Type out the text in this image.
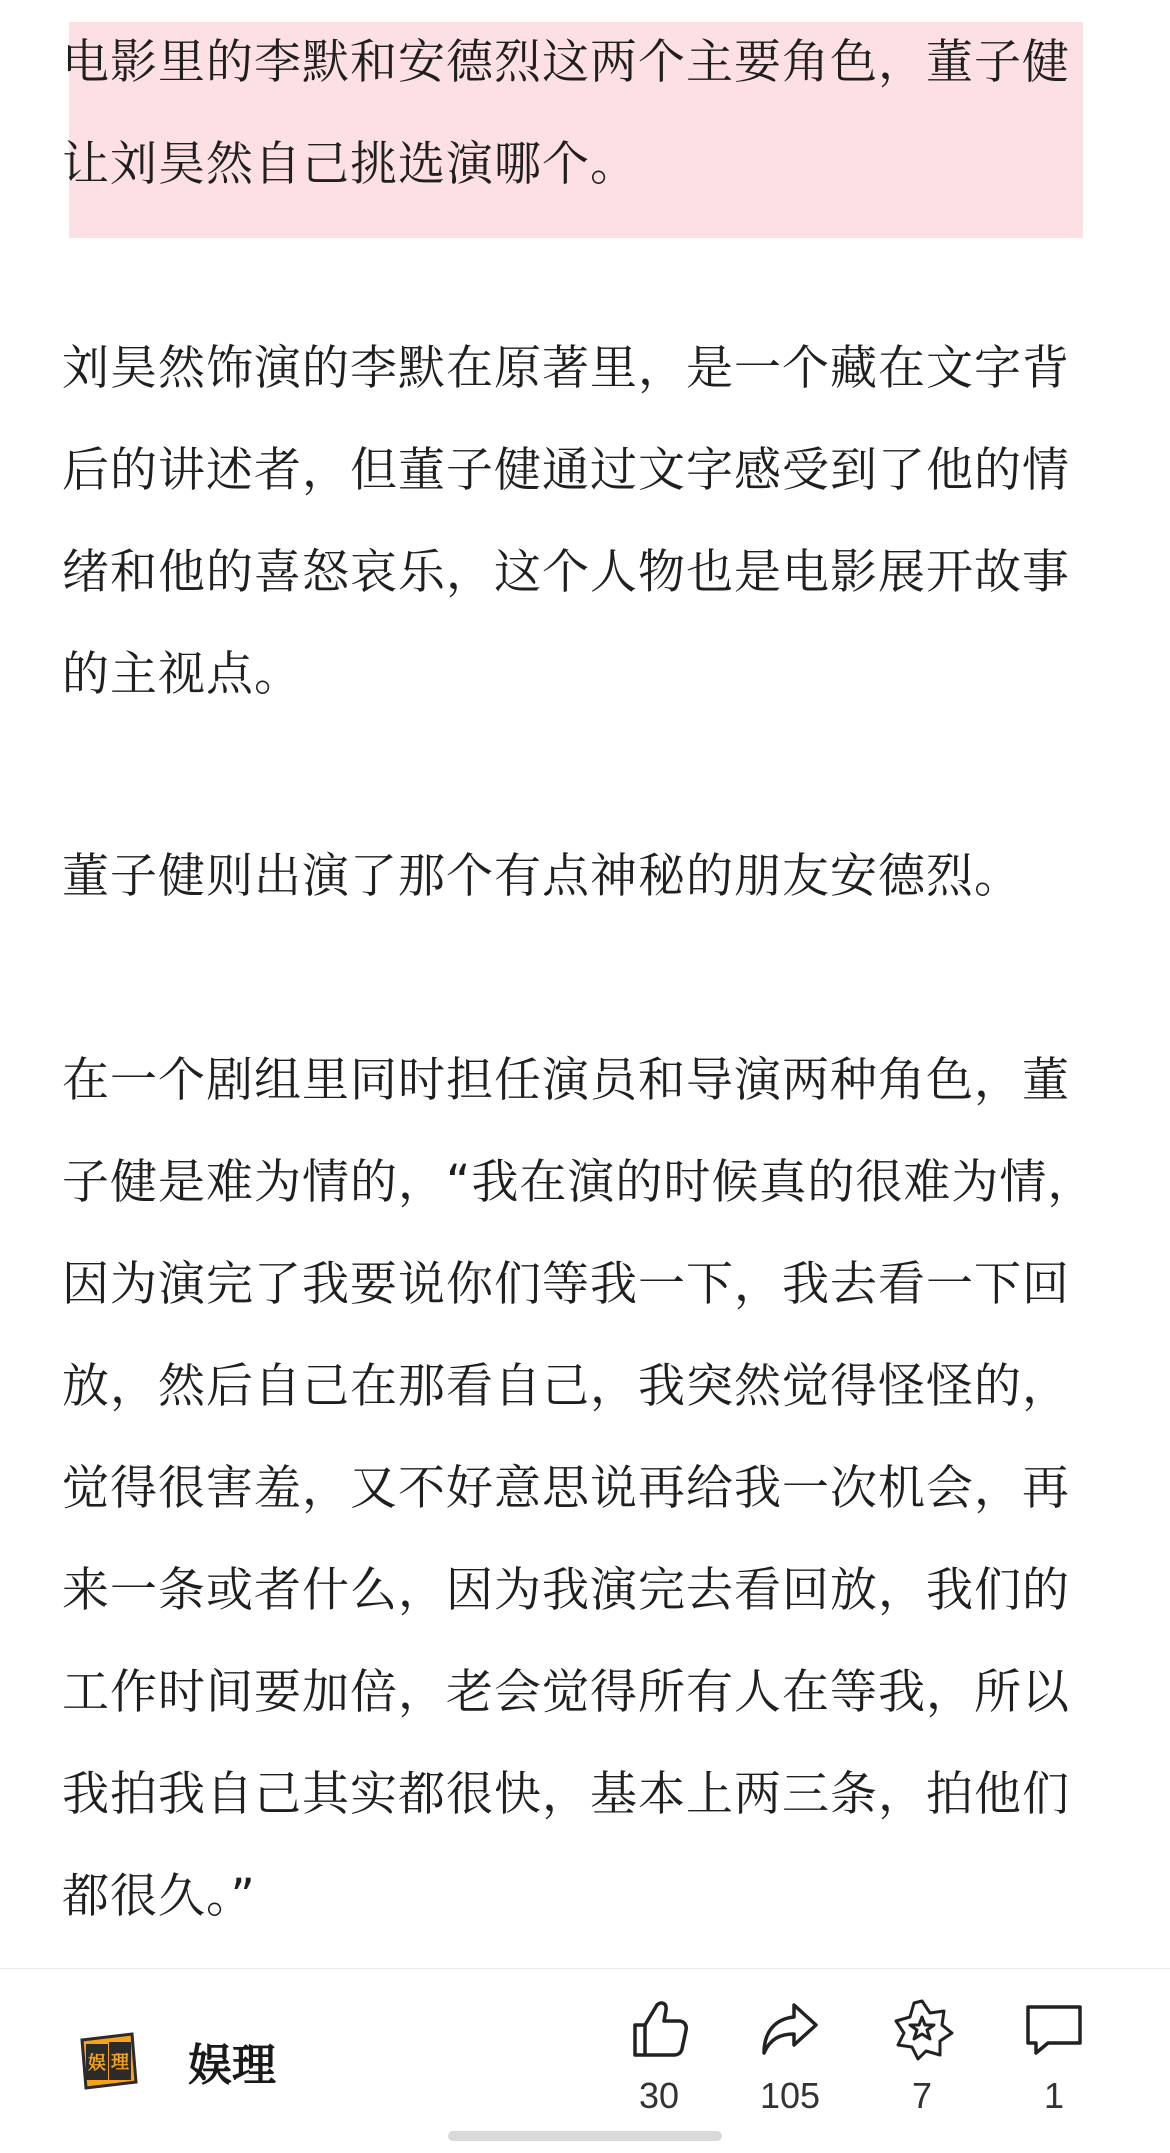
电影里的李默和安德烈这两个主要角色，董子健让刘昊然自己挑选演哪个。

刘昊然饰演的李默在原著里，是一个藏在文字背后的讲述者，但董子健通过文字感受到了他的情绪和他的喜怒哀乐，这个人物也是电影展开故事的主视点。

董子健则出演了那个有点神秘的朋友安德烈。

在一个剧组里同时担任演员和导演两种角色，董子健是难为情的，“我在演的时候真的很难为情，因为演完了我要说你们等我一下，我去看一下回放，然后自己在那看自己，我突然觉得怪怪的，觉得很害羞，又不好意思说再给我一次机会，再来一条或者什么，因为我演完去看回放，我们的工作时间要加倍，老会觉得所有人在等我，所以我拍我自己其实都很快，基本上两三条，拍他们都很久。”

娱 理 娱理
30	105	7	1
